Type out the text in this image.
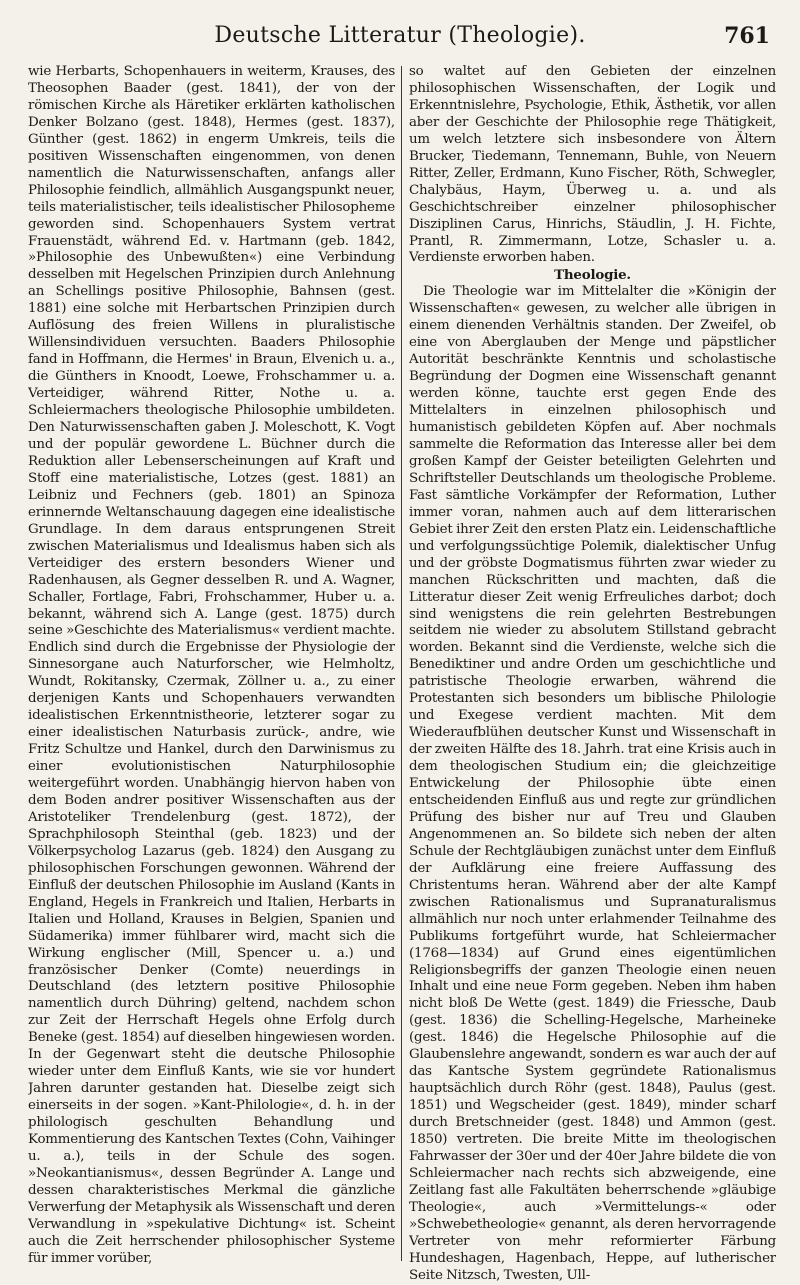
Deutsche Litteratur (Theologie).	761

wie Herbarts, Schopenhauers in weiterm, Krauses, des Theosophen Baader (gest. 1841), der von der römischen Kirche als Häretiker erklärten katholischen Denker Bolzano (gest. 1848), Hermes (gest. 1837), Günther (gest. 1862) in engerm Umkreis, teils die positiven Wissenschaften eingenommen, von denen namentlich die Naturwissenschaften, anfangs aller Philosophie feindlich, allmählich Ausgangspunkt neuer, teils materialistischer, teils idealistischer Philosopheme geworden sind. Schopenhauers System vertrat Frauenstädt, während Ed. v. Hartmann (geb. 1842, »Philosophie des Unbewußten«) eine Verbindung desselben mit Hegelschen Prinzipien durch Anlehnung an Schellings positive Philosophie, Bahnsen (gest. 1881) eine solche mit Herbartschen Prinzipien durch Auflösung des freien Willens in pluralistische Willensindividuen versuchten. Baaders Philosophie fand in Hoffmann, die Hermes' in Braun, Elvenich u. a., die Günthers in Knoodt, Loewe, Frohschammer u. a. Verteidiger, während Ritter, Nothe u. a. Schleiermachers theologische Philosophie umbildeten. Den Naturwissenschaften gaben J. Moleschott, K. Vogt und der populär gewordene L. Büchner durch die Reduktion aller Lebenserscheinungen auf Kraft und Stoff eine materialistische, Lotzes (gest. 1881) an Leibniz und Fechners (geb. 1801) an Spinoza erinnernde Weltanschauung dagegen eine idealistische Grundlage. In dem daraus entsprungenen Streit zwischen Materialismus und Idealismus haben sich als Verteidiger des erstern besonders Wiener und Radenhausen, als Gegner desselben R. und A. Wagner, Schaller, Fortlage, Fabri, Frohschammer, Huber u. a. bekannt, während sich A. Lange (gest. 1875) durch seine »Geschichte des Materialismus« verdient machte. Endlich sind durch die Ergebnisse der Physiologie der Sinnesorgane auch Naturforscher, wie Helmholtz, Wundt, Rokitansky, Czermak, Zöllner u. a., zu einer derjenigen Kants und Schopenhauers verwandten idealistischen Erkenntnistheorie, letzterer sogar zu einer idealistischen Naturbasis zurück-, andre, wie Fritz Schultze und Hankel, durch den Darwinismus zu einer evolutionistischen Naturphilosophie weitergeführt worden. Unabhängig hiervon haben von dem Boden andrer positiver Wissenschaften aus der Aristoteliker Trendelenburg (gest. 1872), der Sprachphilosoph Steinthal (geb. 1823) und der Völkerpsycholog Lazarus (geb. 1824) den Ausgang zu philosophischen Forschungen gewonnen. Während der Einfluß der deutschen Philosophie im Ausland (Kants in England, Hegels in Frankreich und Italien, Herbarts in Italien und Holland, Krauses in Belgien, Spanien und Südamerika) immer fühlbarer wird, macht sich die Wirkung englischer (Mill, Spencer u. a.) und französischer Denker (Comte) neuerdings in Deutschland (des letztern positive Philosophie namentlich durch Dühring) geltend, nachdem schon zur Zeit der Herrschaft Hegels ohne Erfolg durch Beneke (gest. 1854) auf dieselben hingewiesen worden. In der Gegenwart steht die deutsche Philosophie wieder unter dem Einfluß Kants, wie sie vor hundert Jahren darunter gestanden hat. Dieselbe zeigt sich einerseits in der sogen. »Kant-Philologie«, d. h. in der philologisch geschulten Behandlung und Kommentierung des Kantschen Textes (Cohn, Vaihinger u. a.), teils in der Schule des sogen. »Neokantianismus«, dessen Begründer A. Lange und dessen charakteristisches Merkmal die gänzliche Verwerfung der Metaphysik als Wissenschaft und deren Verwandlung in »spekulative Dichtung« ist. Scheint auch die Zeit herrschender philosophischer Systeme für immer vorüber,

so waltet auf den Gebieten der einzelnen philosophischen Wissenschaften, der Logik und Erkenntnislehre, Psychologie, Ethik, Ästhetik, vor allen aber der Geschichte der Philosophie rege Thätigkeit, um welch letztere sich insbesondere von Ältern Brucker, Tiedemann, Tennemann, Buhle, von Neuern Ritter, Zeller, Erdmann, Kuno Fischer, Röth, Schwegler, Chalybäus, Haym, Überweg u. a. und als Geschichtschreiber einzelner philosophischer Disziplinen Carus, Hinrichs, Stäudlin, J. H. Fichte, Prantl, R. Zimmermann, Lotze, Schasler u. a. Verdienste erworben haben.

Theologie.

Die Theologie war im Mittelalter die »Königin der Wissenschaften« gewesen, zu welcher alle übrigen in einem dienenden Verhältnis standen. Der Zweifel, ob eine von Aberglauben der Menge und päpstlicher Autorität beschränkte Kenntnis und scholastische Begründung der Dogmen eine Wissenschaft genannt werden könne, tauchte erst gegen Ende des Mittelalters in einzelnen philosophisch und humanistisch gebildeten Köpfen auf. Aber nochmals sammelte die Reformation das Interesse aller bei dem großen Kampf der Geister beteiligten Gelehrten und Schriftsteller Deutschlands um theologische Probleme. Fast sämtliche Vorkämpfer der Reformation, Luther immer voran, nahmen auch auf dem litterarischen Gebiet ihrer Zeit den ersten Platz ein. Leidenschaftliche und verfolgungssüchtige Polemik, dialektischer Unfug und der gröbste Dogmatismus führten zwar wieder zu manchen Rückschritten und machten, daß die Litteratur dieser Zeit wenig Erfreuliches darbot; doch sind wenigstens die rein gelehrten Bestrebungen seitdem nie wieder zu absolutem Stillstand gebracht worden. Bekannt sind die Verdienste, welche sich die Benediktiner und andre Orden um geschichtliche und patristische Theologie erwarben, während die Protestanten sich besonders um biblische Philologie und Exegese verdient machten. Mit dem Wiederaufblühen deutscher Kunst und Wissenschaft in der zweiten Hälfte des 18. Jahrh. trat eine Krisis auch in dem theologischen Studium ein; die gleichzeitige Entwickelung der Philosophie übte einen entscheidenden Einfluß aus und regte zur gründlichen Prüfung des bisher nur auf Treu und Glauben Angenommenen an. So bildete sich neben der alten Schule der Rechtgläubigen zunächst unter dem Einfluß der Aufklärung eine freiere Auffassung des Christentums heran. Während aber der alte Kampf zwischen Rationalismus und Supranaturalismus allmählich nur noch unter erlahmender Teilnahme des Publikums fortgeführt wurde, hat Schleiermacher (1768—1834) auf Grund eines eigentümlichen Religionsbegriffs der ganzen Theologie einen neuen Inhalt und eine neue Form gegeben. Neben ihm haben nicht bloß De Wette (gest. 1849) die Friessche, Daub (gest. 1836) die Schelling-Hegelsche, Marheineke (gest. 1846) die Hegelsche Philosophie auf die Glaubenslehre angewandt, sondern es war auch der auf das Kantsche System gegründete Rationalismus hauptsächlich durch Röhr (gest. 1848), Paulus (gest. 1851) und Wegscheider (gest. 1849), minder scharf durch Bretschneider (gest. 1848) und Ammon (gest. 1850) vertreten. Die breite Mitte im theologischen Fahrwasser der 30er und der 40er Jahre bildete die von Schleiermacher nach rechts sich abzweigende, eine Zeitlang fast alle Fakultäten beherrschende »gläubige Theologie«, auch »Vermittelungs-« oder »Schwebetheologie« genannt, als deren hervorragende Vertreter von mehr reformierter Färbung Hundeshagen, Hagenbach, Heppe, auf lutherischer Seite Nitzsch, Twesten, Ull-
